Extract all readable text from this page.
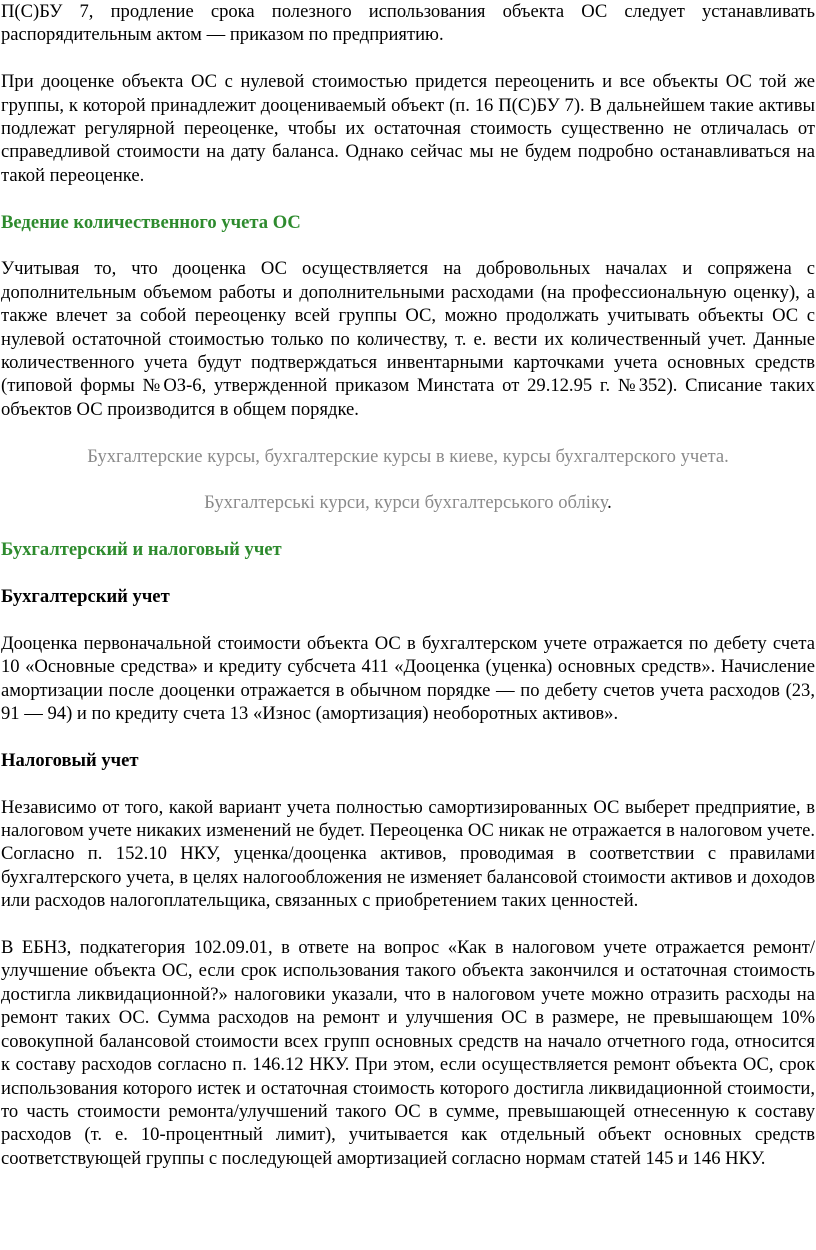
П(С)БУ 7, продление срока полезного использования объекта ОС следует устанавливать распорядительным актом — приказом по предприятию.

При дооценке объекта ОС с нулевой стоимостью придется переоценить и все объекты ОС той же группы, к которой принадлежит дооцениваемый объект (п. 16 П(С)БУ 7). В дальнейшем такие активы подлежат регулярной переоценке, чтобы их остаточная стоимость существенно не отличалась от справедливой стоимости на дату баланса. Однако сейчас мы не будем подробно останавливаться на такой переоценке.

Ведение количественного учета ОС

Учитывая то, что дооценка ОС осуществляется на добровольных началах и сопряжена с дополнительным объемом работы и дополнительными расходами (на профессиональную оценку), а также влечет за собой переоценку всей группы ОС, можно продолжать учитывать объекты ОС с нулевой остаточной стоимостью только по количеству, т. е. вести их количественный учет. Данные количественного учета будут подтверждаться инвентарными карточками учета основных средств (типовой формы №ОЗ-6, утвержденной приказом Минстата от 29.12.95 г. №352). Списание таких объектов ОС производится в общем порядке.

Бухгалтерские курсы, бухгалтерские курсы в киеве, курсы бухгалтерского учета.

Бухгалтерські курси, курси бухгалтерського обліку.

Бухгалтерский и налоговый учет

Бухгалтерский учет

Дооценка первоначальной стоимости объекта ОС в бухгалтерском учете отражается по дебету счета 10 «Основные средства» и кредиту субсчета 411 «Дооценка (уценка) основных средств». Начисление амортизации после дооценки отражается в обычном порядке — по дебету счетов учета расходов (23, 91 — 94) и по кредиту счета 13 «Износ (амортизация) необоротных активов».

Налоговый учет

Независимо от того, какой вариант учета полностью самортизированных ОС выберет предприятие, в налоговом учете никаких изменений не будет. Переоценка ОС никак не отражается в налоговом учете. Согласно п. 152.10 НКУ, уценка/дооценка активов, проводимая в соответствии с правилами бухгалтерского учета, в целях налогообложения не изменяет балансовой стоимости активов и доходов или расходов налогоплательщика, связанных с приобретением таких ценностей.

В ЕБНЗ, подкатегория 102.09.01, в ответе на вопрос «Как в налоговом учете отражается ремонт/улучшение объекта ОС, если срок использования такого объекта закончился и остаточная стоимость достигла ликвидационной?» налоговики указали, что в налоговом учете можно отразить расходы на ремонт таких ОС. Сумма расходов на ремонт и улучшения ОС в размере, не превышающем 10% совокупной балансовой стоимости всех групп основных средств на начало отчетного года, относится к составу расходов согласно п. 146.12 НКУ. При этом, если осуществляется ремонт объекта ОС, срок использования которого истек и остаточная стоимость которого достигла ликвидационной стоимости, то часть стоимости ремонта/улучшений такого ОС в сумме, превышающей отнесенную к составу расходов (т. е. 10-процентный лимит), учитывается как отдельный объект основных средств соответствующей группы с последующей амортизацией согласно нормам статей 145 и 146 НКУ.
